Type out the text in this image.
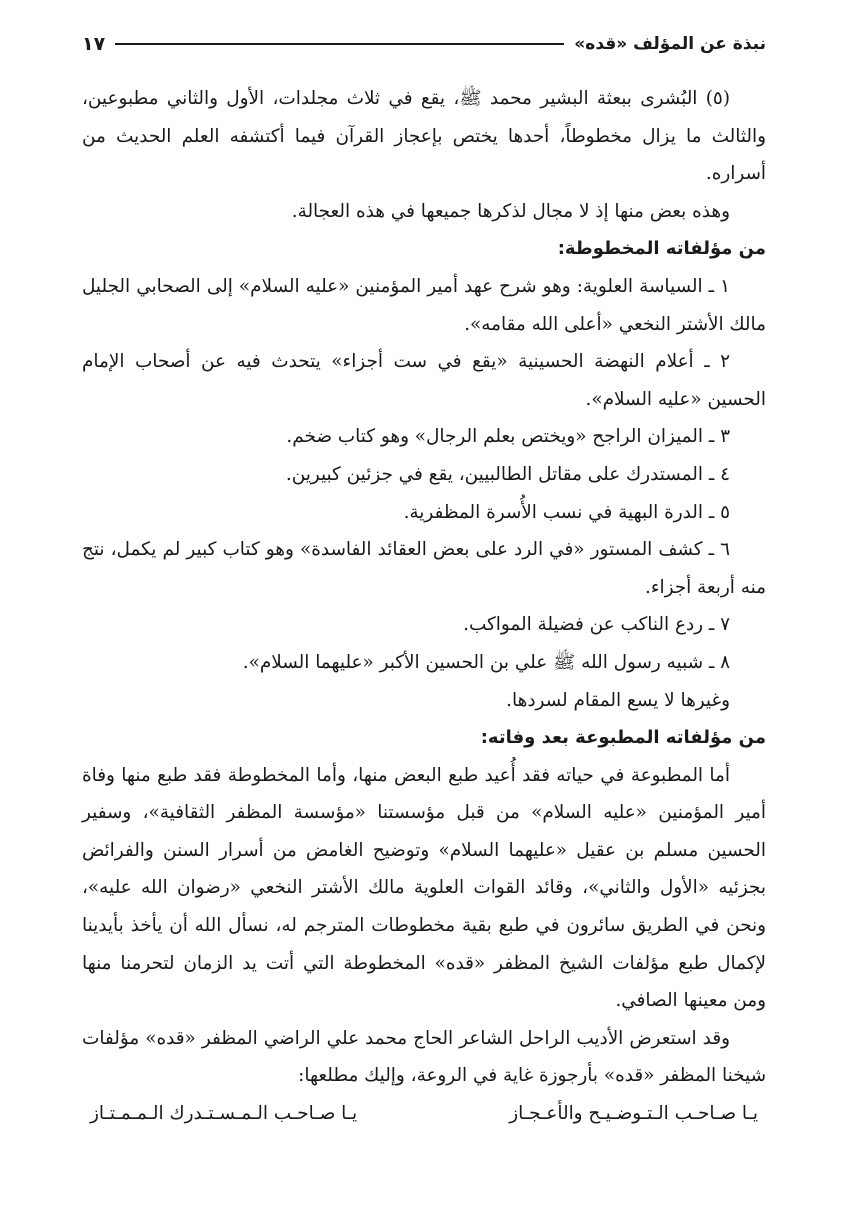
نبذة عن المؤلف «قده»
١٧

(٥) البُشرى ببعثة البشير محمد ﷺ، يقع في ثلاث مجلدات، الأول والثاني مطبوعين، والثالث ما يزال مخطوطاً، أحدها يختص بإعجاز القرآن فيما أكتشفه العلم الحديث من أسراره.

وهذه بعض منها إذ لا مجال لذكرها جميعها في هذه العجالة.

من مؤلفاته المخطوطة:

١ ـ السياسة العلوية: وهو شرح عهد أمير المؤمنين «عليه السلام» إلى الصحابي الجليل مالك الأشتر النخعي «أعلى الله مقامه».

٢ ـ أعلام النهضة الحسينية «يقع في ست أجزاء» يتحدث فيه عن أصحاب الإمام الحسين «عليه السلام».

٣ ـ الميزان الراجح «ويختص بعلم الرجال» وهو كتاب ضخم.

٤ ـ المستدرك على مقاتل الطالبيين، يقع في جزئين كبيرين.

٥ ـ الدرة البهية في نسب الأُسرة المظفرية.

٦ ـ كشف المستور «في الرد على بعض العقائد الفاسدة» وهو كتاب كبير لم يكمل، نتج منه أربعة أجزاء.

٧ ـ ردع الناكب عن فضيلة المواكب.

٨ ـ شبيه رسول الله ﷺ علي بن الحسين الأكبر «عليهما السلام».

وغيرها لا يسع المقام لسردها.

من مؤلفاته المطبوعة بعد وفاته:

أما المطبوعة في حياته فقد أُعيد طبع البعض منها، وأما المخطوطة فقد طبع منها وفاة أمير المؤمنين «عليه السلام» من قبل مؤسستنا «مؤسسة المظفر الثقافية»، وسفير الحسين مسلم بن عقيل «عليهما السلام» وتوضيح الغامض من أسرار السنن والفرائض بجزئيه «الأول والثاني»، وقائد القوات العلوية مالك الأشتر النخعي «رضوان الله عليه»، ونحن في الطريق سائرون في طبع بقية مخطوطات المترجم له، نسأل الله أن يأخذ بأيدينا لإكمال طبع مؤلفات الشيخ المظفر «قده» المخطوطة التي أتت يد الزمان لتحرمنا منها ومن معينها الصافي.

وقد استعرض الأديب الراحل الشاعر الحاج محمد علي الراضي المظفر «قده» مؤلفات شيخنا المظفر «قده» بأرجوزة غاية في الروعة، وإليك مطلعها:

يـا صـاحـب الـتـوضـيـح والأعـجـاز
يـا صـاحـب الـمـسـتـدرك الـمـمـتـاز
